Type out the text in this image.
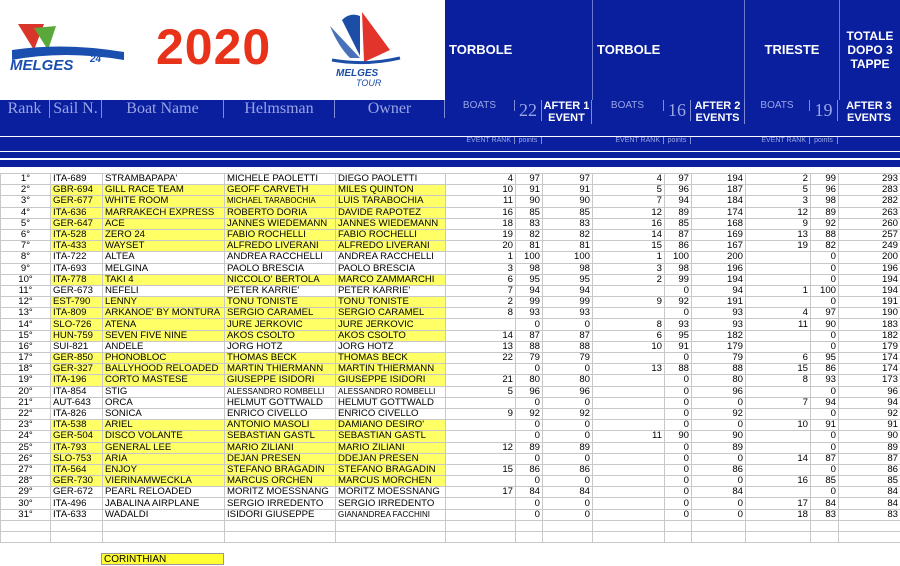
CLASSE ITALIANA
MELGES 24 2020	MELGES
TOUR
TORBOLE	TORBOLE	TRIESTE
TOTALE DOPO 3 TAPPE
Rank Sail N.	Boat Name	Helmsman	Owner	BOATS	22 AFTER 1 EVENT
BOATS	16 AFTER 2 EVENTS
BOATS	19	AFTER 3 EVENTS
EVENT RANK	points	EVENT RANK	points	EVENT RANK	points
1°	ITA-689	STRAMBAPAPA'	MICHELE PAOLETTI	DIEGO PAOLETTI	4	97	97	4	97	194	2	99	293
2°	GBR-694	GILL RACE TEAM	GEOFF CARVETH	MILES QUINTON	10	91	91	5	96	187	5	96	283
3°	GER-677	WHITE ROOM	MICHAEL TARABOCHIA	LUIS TARABOCHIA	11	90	90	7	94	184	3	98	282
4°	ITA-636	MARRAKECH EXPRESS	ROBERTO DORIA	DAVIDE RAPOTEZ	16	85	85	12	89	174	12	89	263
5°	GER-647	ACE	JANNES WIEDEMANN	JANNES WIEDEMANN	18	83	83	16	85	168	9	92	260
6°	ITA-528	ZERO 24	FABIO ROCHELLI	FABIO ROCHELLI	19	82	82	14	87	169	13	88	257
7°	ITA-433	WAYSET	ALFREDO LIVERANI	ALFREDO LIVERANI	20	81	81	15	86	167	19	82	249
8°	ITA-722	ALTEA	ANDREA RACCHELLI	ANDREA RACCHELLI	1	100	100	1	100	200		0	200
9°	ITA-693	MELGINA	PAOLO BRESCIA	PAOLO BRESCIA	3	98	98	3	98	196		0	196
10°	ITA-778	TAKI 4	NICCOLO' BERTOLA	MARCO ZAMMARCHI	6	95	95	2	99	194		0	194
11°	GER-673	NEFELI	PETER KARRIE'	PETER KARRIE'	7	94	94		0	94	1	100	194
12°	EST-790	LENNY	TONU TONISTE	TONU TONISTE	2	99	99	9	92	191		0	191
13°	ITA-809	ARKANOE' BY MONTURA	SERGIO CARAMEL	SERGIO CARAMEL	8	93	93		0	93	4	97	190
14°	SLO-726	ATENA	JURE JERKOVIC	JURE JERKOVIC		0	0	8	93	93	11	90	183
15°	HUN-759	SEVEN FIVE NINE	AKOS CSOLTO	AKOS CSOLTO	14	87	87	6	95	182		0	182
16°	SUI-821	ANDELE	JORG HOTZ	JORG HOTZ	13	88	88	10	91	179		0	179
17°	GER-850	PHONOBLOC	THOMAS BECK	THOMAS BECK	22	79	79		0	79	6	95	174
18°	GER-327	BALLYHOOD RELOADED	MARTIN THIERMANN	MARTIN THIERMANN		0	0	13	88	88	15	86	174
19°	ITA-196	CORTO MASTESE	GIUSEPPE ISIDORI	GIUSEPPE ISIDORI	21	80	80		0	80	8	93	173
20°	ITA-854	STIG	ALESSANDRO ROMBELLI	ALESSANDRO ROMBELLI	5	96	96		0	96		0	96
21°	AUT-643	ORCA	HELMUT GOTTWALD	HELMUT GOTTWALD		0	0		0	0	7	94	94
22°	ITA-826	SONICA	ENRICO CIVELLO	ENRICO CIVELLO	9	92	92		0	92		0	92
23°	ITA-538	ARIEL	ANTONIO MASOLI	DAMIANO DESIRO'		0	0		0	0	10	91	91
24°	GER-504	DISCO VOLANTE	SEBASTIAN GASTL	SEBASTIAN GASTL		0	0	11	90	90		0	90
25°	ITA-793	GENERAL LEE	MARIO ZILIANI	MARIO ZILIANI	12	89	89		0	89		0	89
26°	SLO-753	ARIA	DEJAN PRESEN	DDEJAN PRESEN		0	0		0	0	14	87	87
27°	ITA-564	ENJOY	STEFANO BRAGADIN	STEFANO BRAGADIN	15	86	86		0	86		0	86
28°	GER-730	VIERINAMWECKLA	MARCUS ORCHEN	MARCUS MORCHEN		0	0		0	0	16	85	85
29°	GER-672	PEARL RELOADED	MORITZ MOESSNANG	MORITZ MOESSNANG	17	84	84		0	84		0	84
30°	ITA-496	JABALINA AIRPLANE	SERGIO IRREDENTO	SERGIO IRREDENTO		0	0		0	0	17	84	84
31°	ITA-633	WADALDI	ISIDORI GIUSEPPE	GIANANDREA FACCHINI		0	0		0	0	18	83	83

CORINTHIAN
